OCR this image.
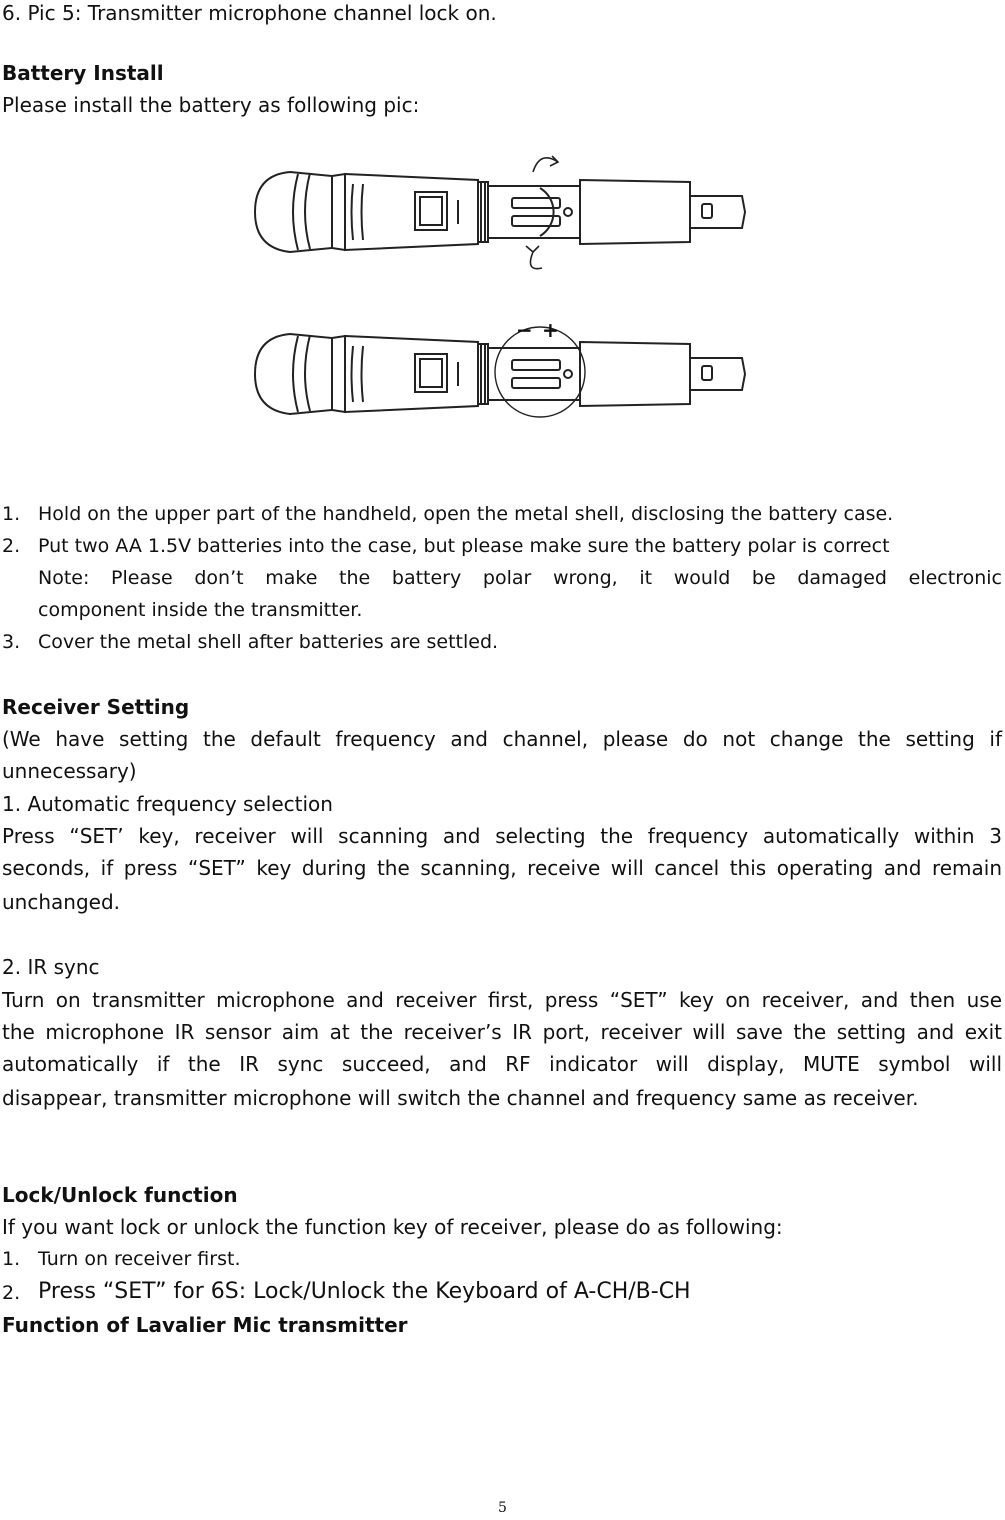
6. Pic 5: Transmitter microphone channel lock on.
Battery Install
Please install the battery as following pic:
− +
1. Hold on the upper part of the handheld, open the metal shell, disclosing the battery case.
2. Put two AA 1.5V batteries into the case, but please make sure the battery polar is correct
Note: Please don’t make the battery polar wrong, it would be damaged electronic
component inside the transmitter.
3. Cover the metal shell after batteries are settled.
Receiver Setting
(We have setting the default frequency and channel, please do not change the setting if
unnecessary)
1. Automatic frequency selection
Press “SET’ key, receiver will scanning and selecting the frequency automatically within 3
seconds, if press “SET” key during the scanning, receive will cancel this operating and remain
unchanged.
2. IR sync
Turn on transmitter microphone and receiver first, press “SET” key on receiver, and then use
the microphone IR sensor aim at the receiver’s IR port, receiver will save the setting and exit
automatically if the IR sync succeed, and RF indicator will display, MUTE symbol will
disappear, transmitter microphone will switch the channel and frequency same as receiver.
Lock/Unlock function
If you want lock or unlock the function key of receiver, please do as following:
1. Turn on receiver first.
2. Press “SET” for 6S: Lock/Unlock the Keyboard of A-CH/B-CH
Function of Lavalier Mic transmitter
5
